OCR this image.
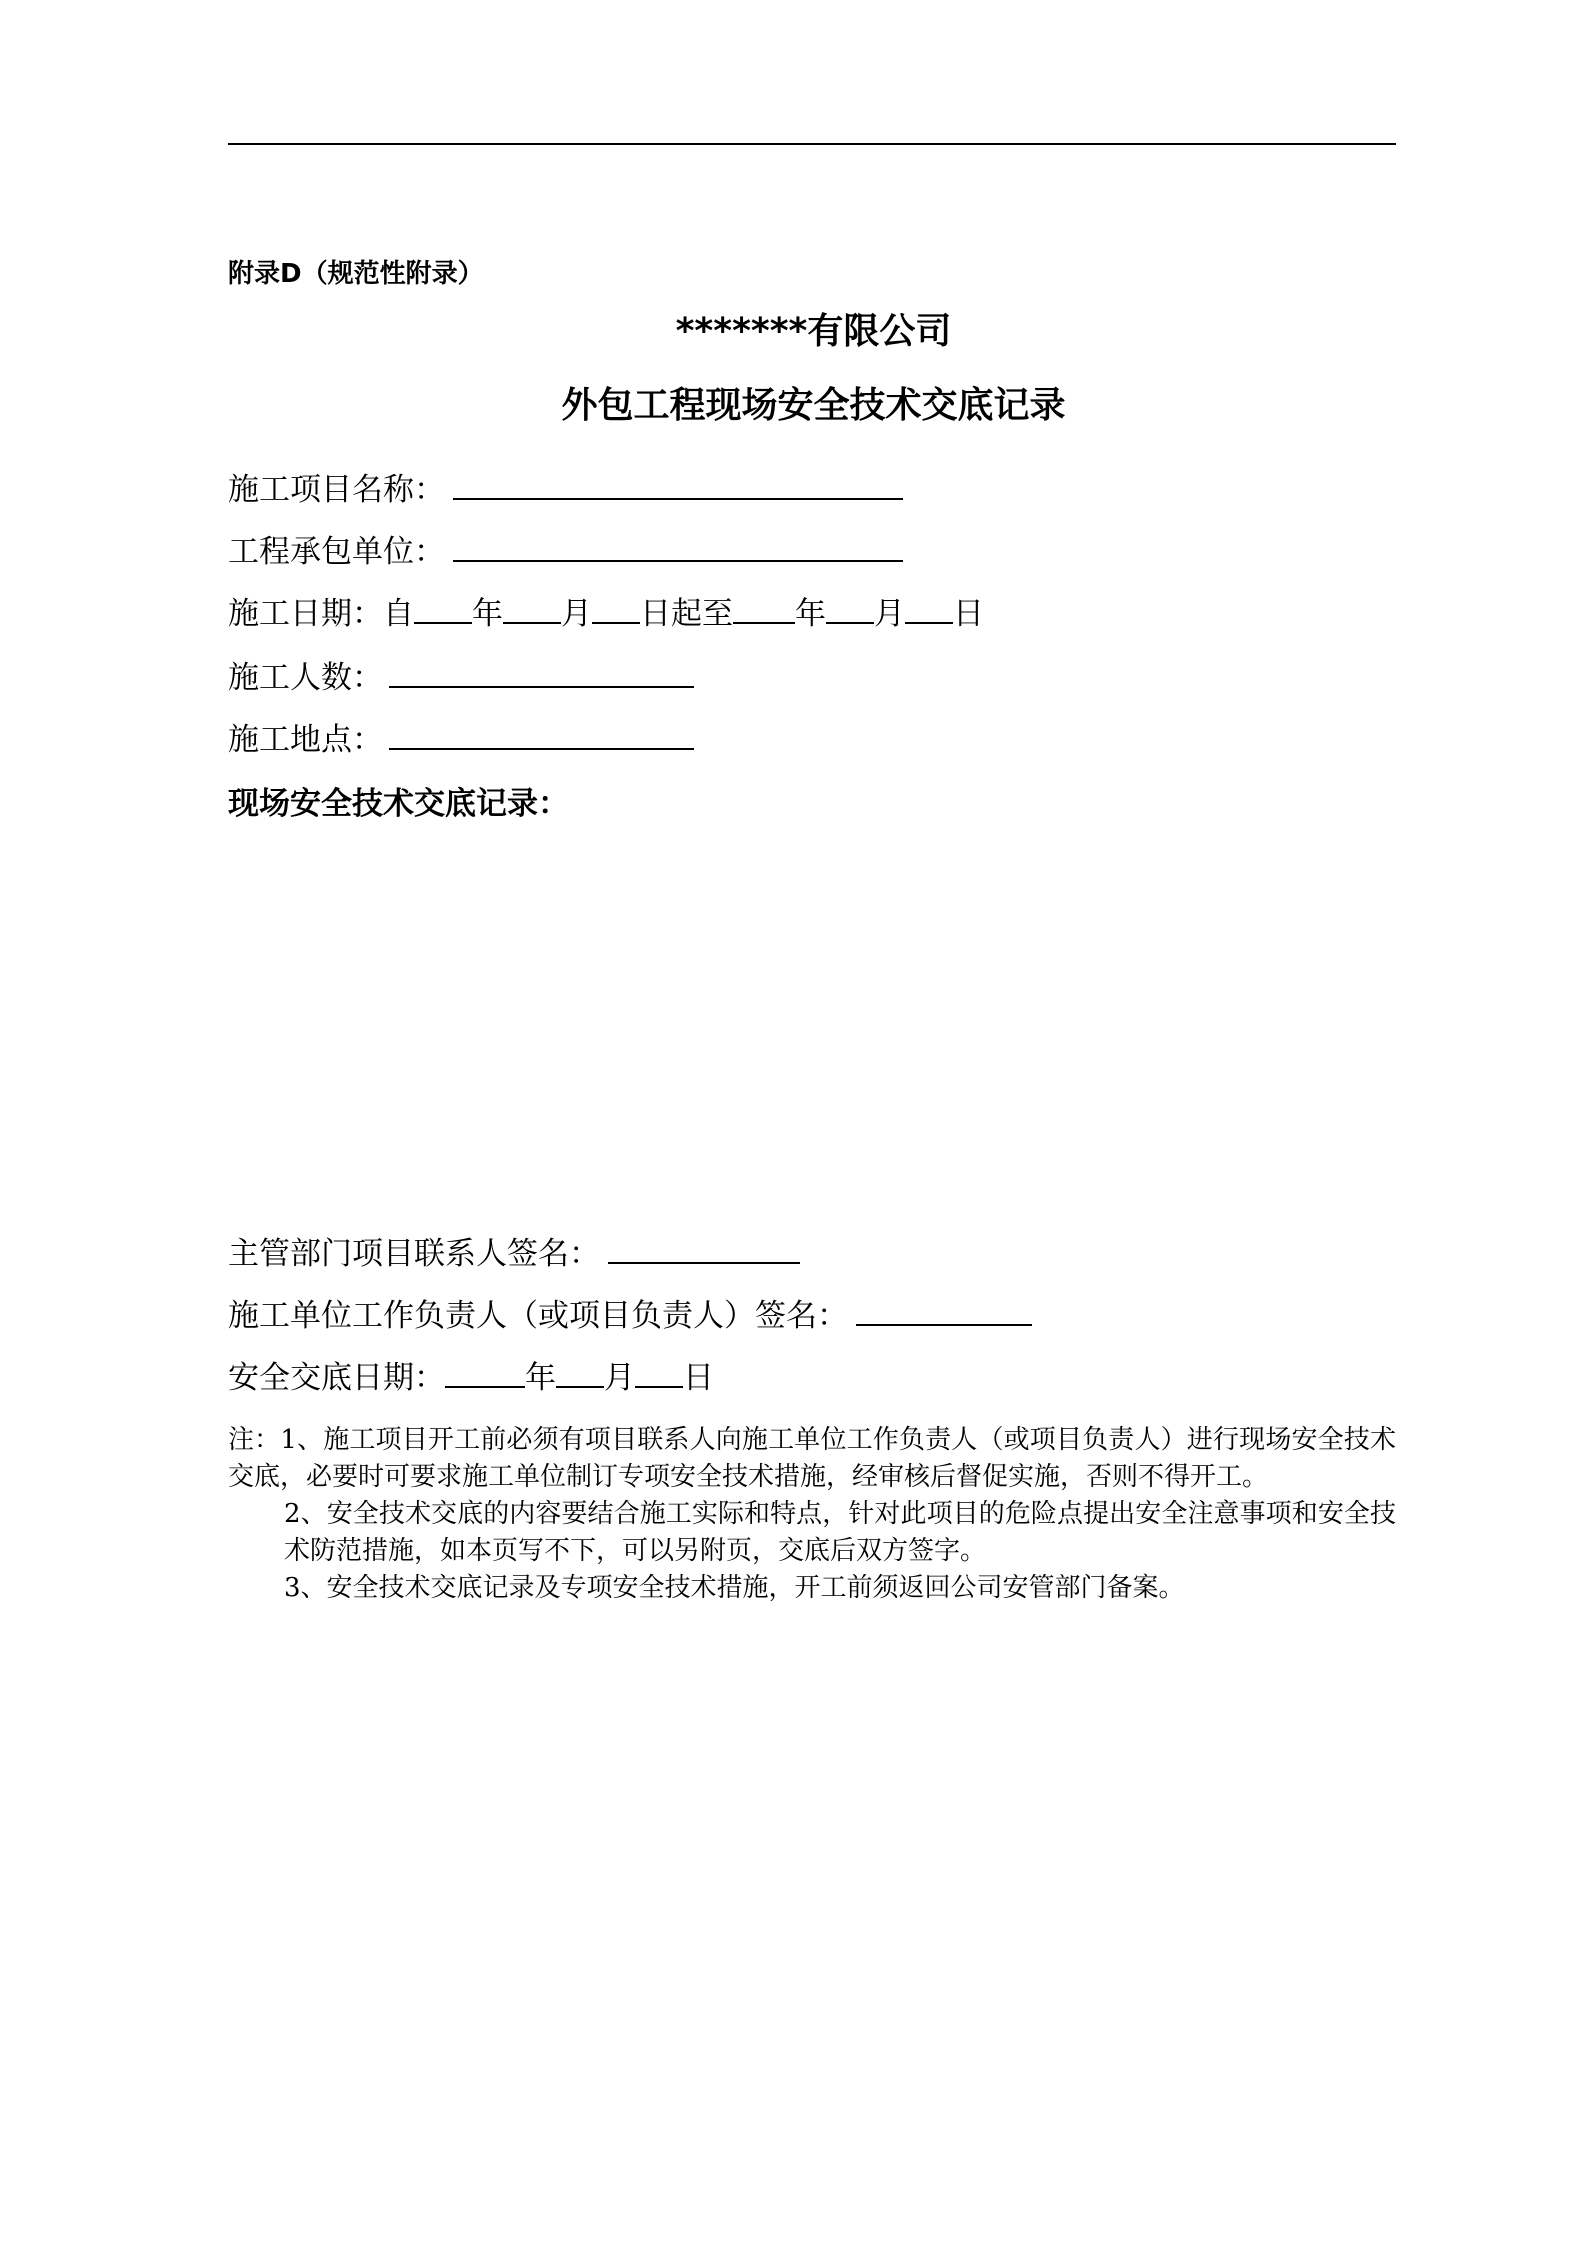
附录D（规范性附录）
*******有限公司
外包工程现场安全技术交底记录
施工项目名称：
工程承包单位：
施工日期：自 年 月 日起至 年 月 日
施工人数：
施工地点：
现场安全技术交底记录：
主管部门项目联系人签名：
施工单位工作负责人（或项目负责人）签名：
安全交底日期：	年 月 日

注：1、施工项目开工前必须有项目联系人向施工单位工作负责人（或项目负责人）进行现场安全技术交底，必要时可要求施工单位制订专项安全技术措施，经审核后督促实施，否则不得开工。

2、安全技术交底的内容要结合施工实际和特点，针对此项目的危险点提出安全注意事项和安全技术防范措施，如本页写不下，可以另附页，交底后双方签字。

3、安全技术交底记录及专项安全技术措施，开工前须返回公司安管部门备案。
